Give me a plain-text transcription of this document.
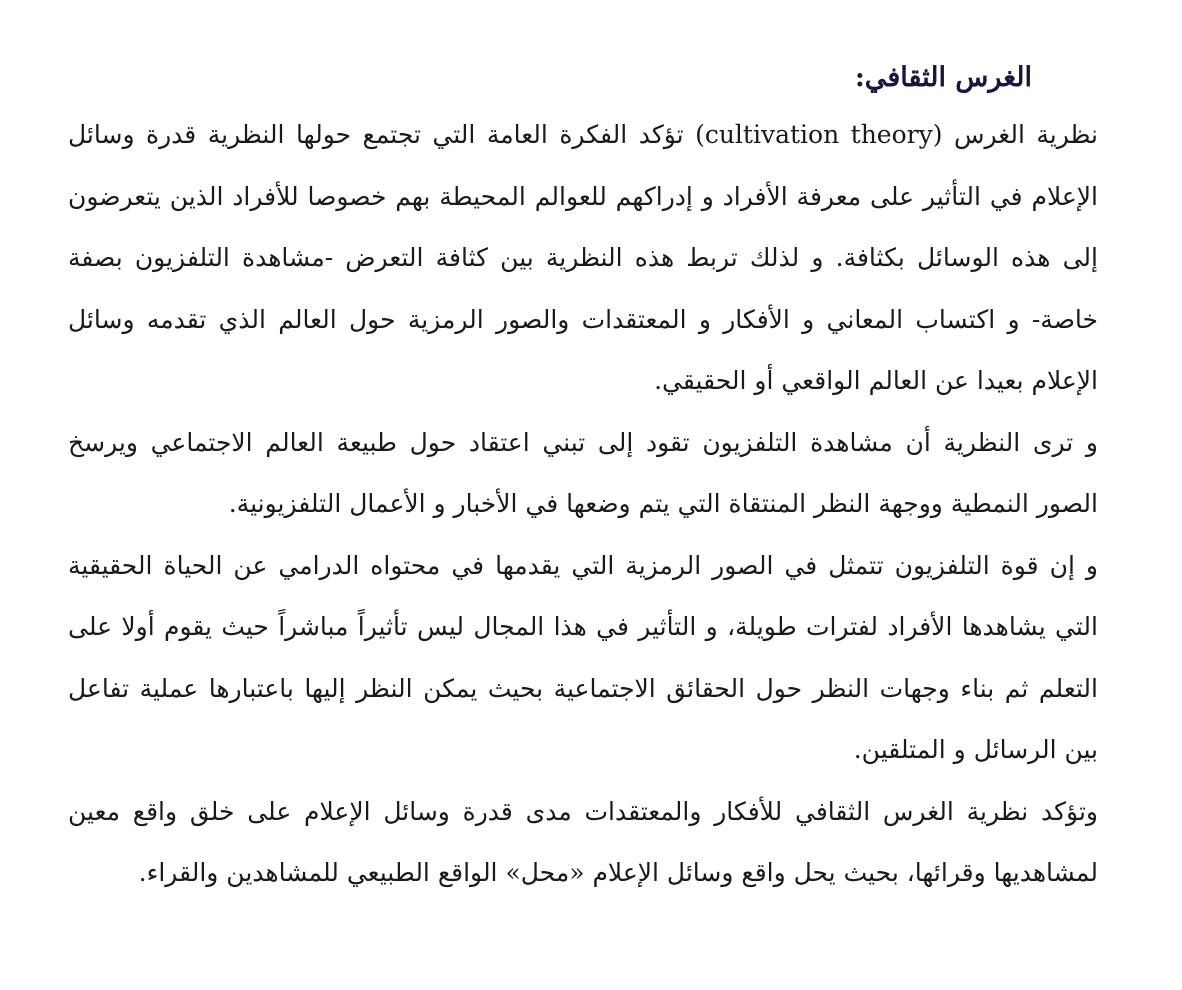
الغرس الثقافي:

نظرية الغرس (cultivation theory) تؤكد الفكرة العامة التي تجتمع حولها النظرية قدرة وسائل الإعلام في التأثير على معرفة الأفراد و إدراكهم للعوالم المحيطة بهم خصوصا للأفراد الذين يتعرضون إلى هذه الوسائل بكثافة. و لذلك تربط هذه النظرية بين كثافة التعرض -مشاهدة التلفزيون بصفة خاصة- و اكتساب المعاني و الأفكار و المعتقدات والصور الرمزية حول العالم الذي تقدمه وسائل الإعلام بعيدا عن العالم الواقعي أو الحقيقي.

و ترى النظرية أن مشاهدة التلفزيون تقود إلى تبني اعتقاد حول طبيعة العالم الاجتماعي ويرسخ الصور النمطية ووجهة النظر المنتقاة التي يتم وضعها في الأخبار و الأعمال التلفزيونية.

و إن قوة التلفزيون تتمثل في الصور الرمزية التي يقدمها في محتواه الدرامي عن الحياة الحقيقية التي يشاهدها الأفراد لفترات طويلة، و التأثير في هذا المجال ليس تأثيراً مباشراً حيث يقوم أولا على التعلم ثم بناء وجهات النظر حول الحقائق الاجتماعية بحيث يمكن النظر إليها باعتبارها عملية تفاعل بين الرسائل و المتلقين.

وتؤكد نظرية الغرس الثقافي للأفكار والمعتقدات مدى قدرة وسائل الإعلام على خلق واقع معين لمشاهديها وقرائها، بحيث يحل واقع وسائل الإعلام «محل» الواقع الطبيعي للمشاهدين والقراء.
